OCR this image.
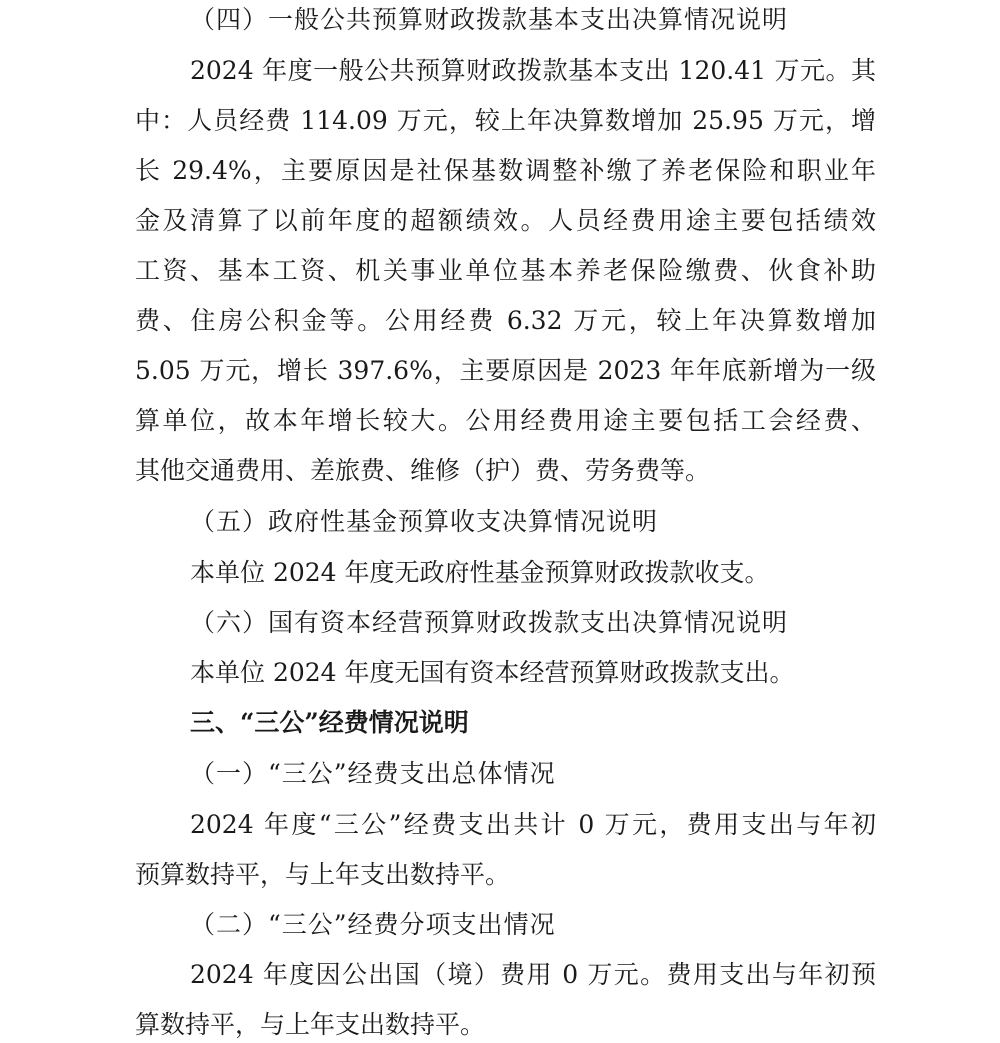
（四）一般公共预算财政拨款基本支出决算情况说明
2024 年度一般公共预算财政拨款基本支出 120.41 万元。其
中：人员经费 114.09 万元，较上年决算数增加 25.95 万元，增
长 29.4%，主要原因是社保基数调整补缴了养老保险和职业年
金及清算了以前年度的超额绩效。人员经费用途主要包括绩效
工资、基本工资、机关事业单位基本养老保险缴费、伙食补助
费、住房公积金等。公用经费 6.32 万元，较上年决算数增加
5.05 万元，增长 397.6%，主要原因是 2023 年年底新增为一级
算单位，故本年增长较大。公用经费用途主要包括工会经费、
其他交通费用、差旅费、维修（护）费、劳务费等。
（五）政府性基金预算收支决算情况说明
本单位 2024 年度无政府性基金预算财政拨款收支。
（六）国有资本经营预算财政拨款支出决算情况说明
本单位 2024 年度无国有资本经营预算财政拨款支出。
三、“三公”经费情况说明
（一）“三公”经费支出总体情况
2024 年度“三公”经费支出共计 0 万元，费用支出与年初
预算数持平，与上年支出数持平。
（二）“三公”经费分项支出情况
2024 年度因公出国（境）费用 0 万元。费用支出与年初预
算数持平，与上年支出数持平。
